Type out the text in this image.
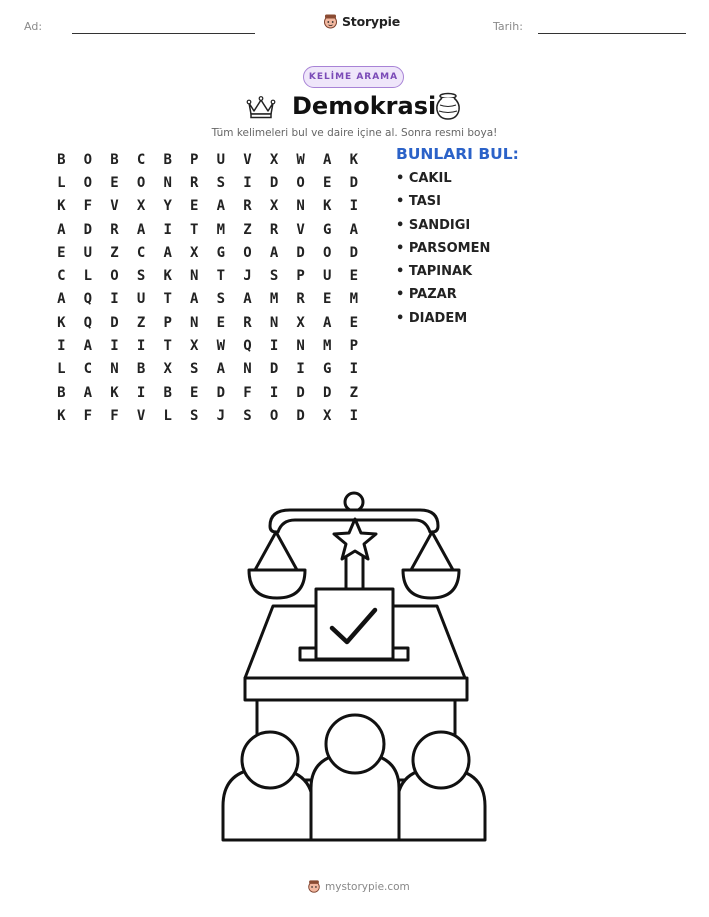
Ad:	Storypie	Tarih:
KELİME ARAMA
Demokrasi
Tüm kelimeleri bul ve daire içine al. Sonra resmi boya!
B	O	B	C	B	P	U	V	X	W	A	K
L	O	E	O	N	R	S	I	D	O	E	D
K	F	V	X	Y	E	A	R	X	N	K	I
A	D	R	A	I	T	M	Z	R	V	G	A
E	U	Z	C	A	X	G	O	A	D	O	D
C	L	O	S	K	N	T	J	S	P	U	E
A	Q	I	U	T	A	S	A	M	R	E	M
K	Q	D	Z	P	N	E	R	N	X	A	E
I	A	I	I	T	X	W	Q	I	N	M	P
L	C	N	B	X	S	A	N	D	I	G	I
B	A	K	I	B	E	D	F	I	D	D	Z
K	F	F	V	L	S	J	S	O	D	X	I
BUNLARI BUL:
• CAKIL
• TASI
• SANDIGI
• PARSOMEN
• TAPINAK
• PAZAR
• DIADEM
mystorypie.com
